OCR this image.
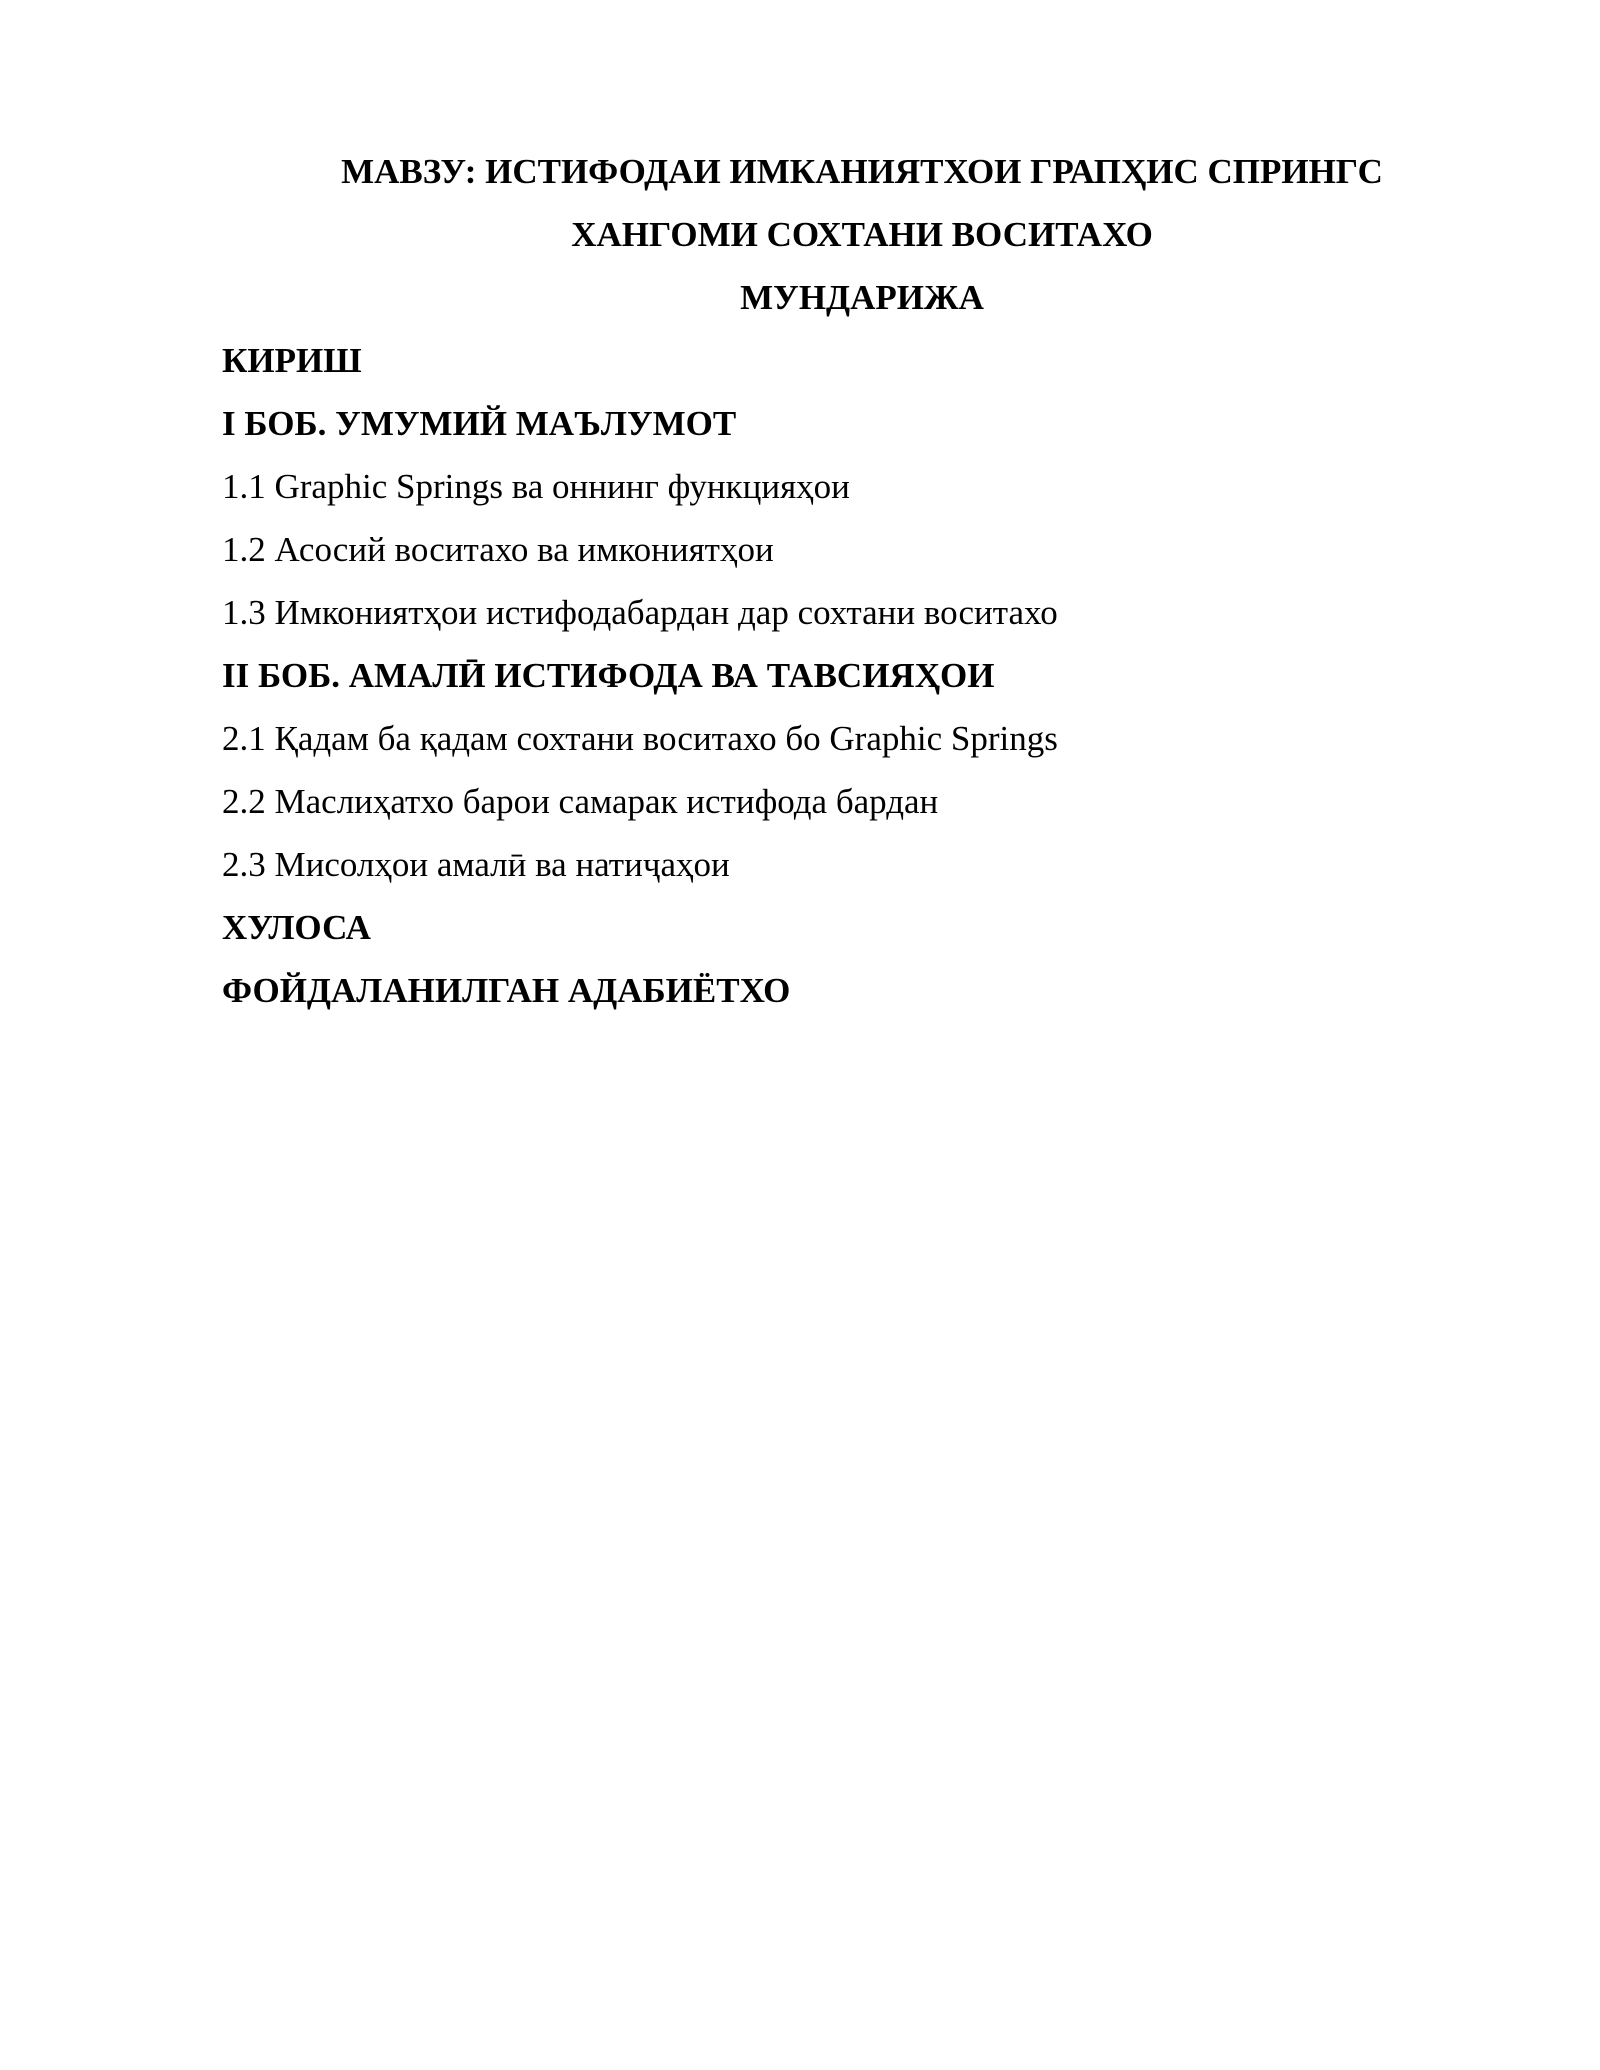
МАВЗУ: ИСТИФОДАИ ИМКАНИЯТХОИ ГРАПҲИС СПРИНГС
ХАНГОМИ СОХТАНИ ВОСИТАХО
МУНДАРИЖА
КИРИШ
I БОБ. УМУМИЙ МАЪЛУМОТ
1.1 Graphic Springs ва оннинг функцияҳои
1.2 Асосий воситахо ва имкониятҳои
1.3 Имкониятҳои истифодабардан дар сохтани воситахо
II БОБ. АМАЛӢ ИСТИФОДА ВА ТАВСИЯҲОИ
2.1 Қадам ба қадам сохтани воситахо бо Graphic Springs
2.2 Маслиҳатхо барои самарак истифода бардан
2.3 Мисолҳои амалӣ ва натиҷаҳои
ХУЛОСА
ФОЙДАЛАНИЛГАН АДАБИЁТХО
